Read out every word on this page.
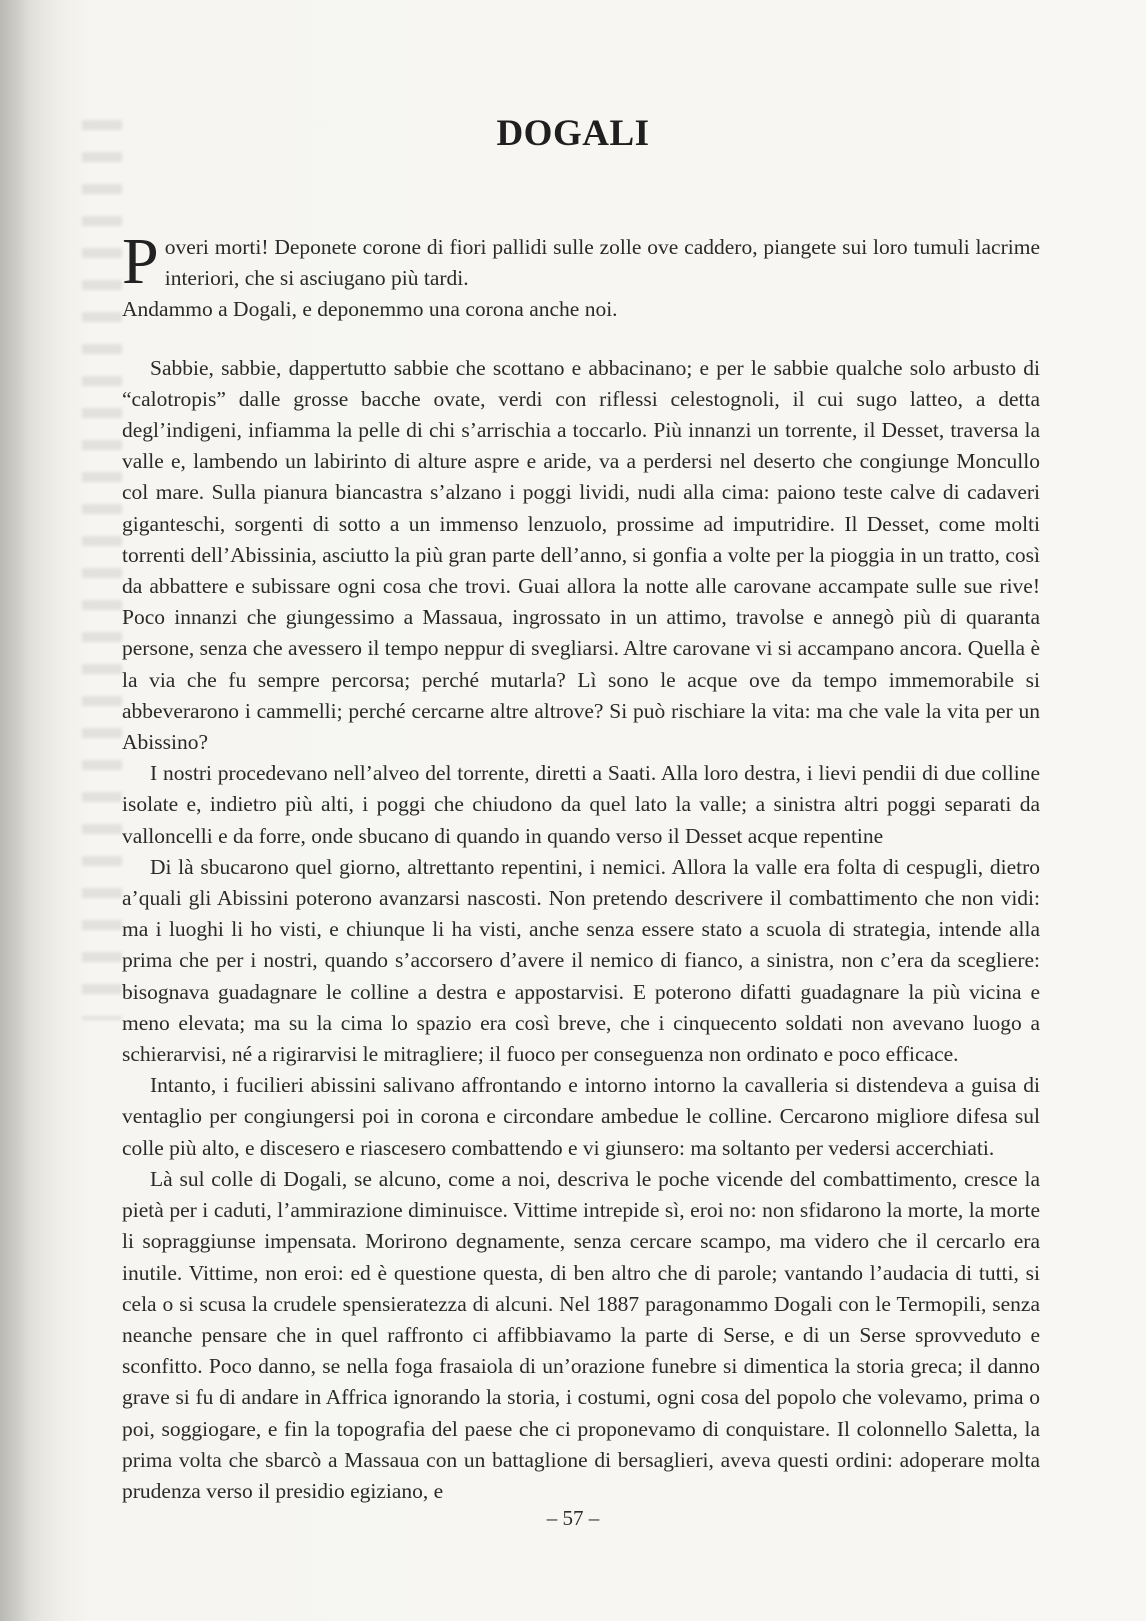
DOGALI

Poveri morti! Deponete corone di fiori pallidi sulle zolle ove caddero, piangete sui loro tumuli lacrime interiori, che si asciugano più tardi.

Andammo a Dogali, e deponemmo una corona anche noi.

Sabbie, sabbie, dappertutto sabbie che scottano e abbacinano; e per le sabbie qualche solo arbusto di “calotropis” dalle grosse bacche ovate, verdi con riflessi celestognoli, il cui sugo latteo, a detta degl’indigeni, infiamma la pelle di chi s’arrischia a toccarlo. Più innanzi un torrente, il Desset, traversa la valle e, lambendo un labirinto di alture aspre e aride, va a perdersi nel deserto che congiunge Moncullo col mare. Sulla pianura biancastra s’alzano i poggi lividi, nudi alla cima: paiono teste calve di cadaveri giganteschi, sorgenti di sotto a un immenso lenzuolo, prossime ad imputridire. Il Desset, come molti torrenti dell’Abissinia, asciutto la più gran parte dell’anno, si gonfia a volte per la pioggia in un tratto, così da abbattere e subissare ogni cosa che trovi. Guai allora la notte alle carovane accampate sulle sue rive! Poco innanzi che giungessimo a Massaua, ingrossato in un attimo, travolse e annegò più di quaranta persone, senza che avessero il tempo neppur di svegliarsi. Altre carovane vi si accampano ancora. Quella è la via che fu sempre percorsa; perché mutarla? Lì sono le acque ove da tempo immemorabile si abbeverarono i cammelli; perché cercarne altre altrove? Si può rischiare la vita: ma che vale la vita per un Abissino?

I nostri procedevano nell’alveo del torrente, diretti a Saati. Alla loro destra, i lievi pendii di due colline isolate e, indietro più alti, i poggi che chiudono da quel lato la valle; a sinistra altri poggi separati da valloncelli e da forre, onde sbucano di quando in quando verso il Desset acque repentine

Di là sbucarono quel giorno, altrettanto repentini, i nemici. Allora la valle era folta di cespugli, dietro a’quali gli Abissini poterono avanzarsi nascosti. Non pretendo descrivere il combattimento che non vidi: ma i luoghi li ho visti, e chiunque li ha visti, anche senza essere stato a scuola di strategia, intende alla prima che per i nostri, quando s’accorsero d’avere il nemico di fianco, a sinistra, non c’era da scegliere: bisognava guadagnare le colline a destra e appostarvisi. E poterono difatti guadagnare la più vicina e meno elevata; ma su la cima lo spazio era così breve, che i cinquecento soldati non avevano luogo a schierarvisi, né a rigirarvisi le mitragliere; il fuoco per conseguenza non ordinato e poco efficace.

Intanto, i fucilieri abissini salivano affrontando e intorno intorno la cavalleria si distendeva a guisa di ventaglio per congiungersi poi in corona e circondare ambedue le colline. Cercarono migliore difesa sul colle più alto, e discesero e riascesero combattendo e vi giunsero: ma soltanto per vedersi accerchiati.

Là sul colle di Dogali, se alcuno, come a noi, descriva le poche vicende del combattimento, cresce la pietà per i caduti, l’ammirazione diminuisce. Vittime intrepide sì, eroi no: non sfidarono la morte, la morte li sopraggiunse impensata. Morirono degnamente, senza cercare scampo, ma videro che il cercarlo era inutile. Vittime, non eroi: ed è questione questa, di ben altro che di parole; vantando l’audacia di tutti, si cela o si scusa la crudele spensieratezza di alcuni. Nel 1887 paragonammo Dogali con le Termopili, senza neanche pensare che in quel raffronto ci affibbiavamo la parte di Serse, e di un Serse sprovveduto e sconfitto. Poco danno, se nella foga frasaiola di un’orazione funebre si dimentica la storia greca; il danno grave si fu di andare in Affrica ignorando la storia, i costumi, ogni cosa del popolo che volevamo, prima o poi, soggiogare, e fin la topografia del paese che ci proponevamo di conquistare. Il colonnello Saletta, la prima volta che sbarcò a Massaua con un battaglione di bersaglieri, aveva questi ordini: adoperare molta prudenza verso il presidio egiziano, e

– 57 –
